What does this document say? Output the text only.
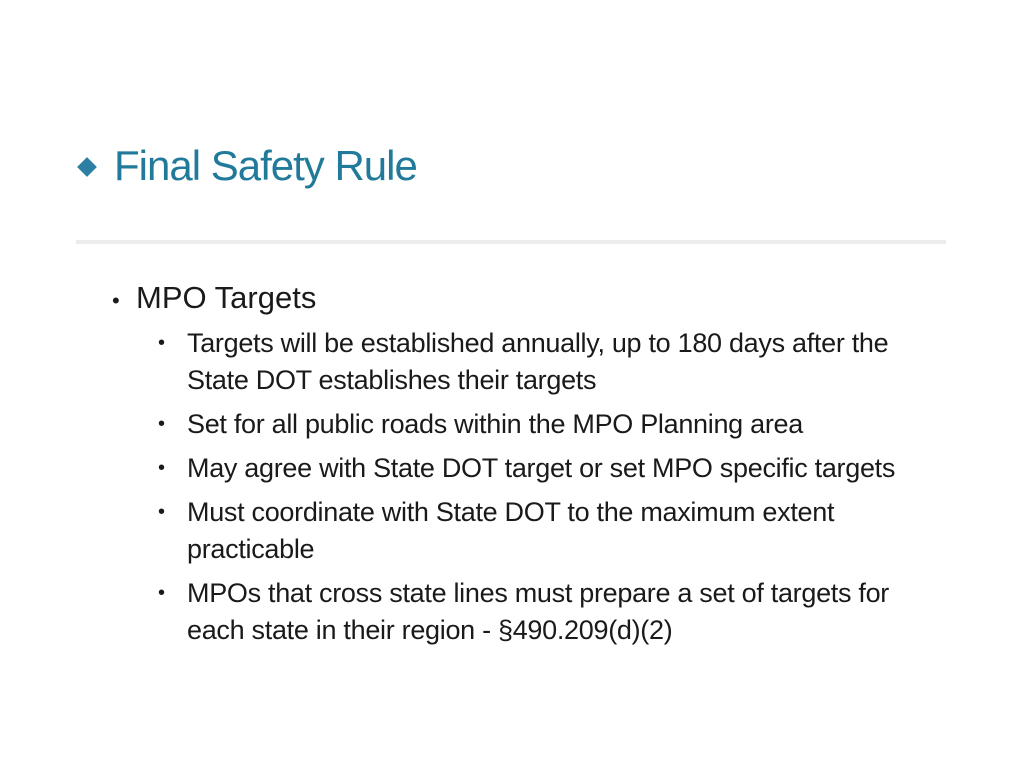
Final Safety Rule
• MPO Targets
• Targets will be established annually, up to 180 days after the State DOT establishes their targets
• Set for all public roads within the MPO Planning area
• May agree with State DOT target or set MPO specific targets
• Must coordinate with State DOT to the maximum extent practicable
• MPOs that cross state lines must prepare a set of targets for each state in their region - §490.209(d)(2)
